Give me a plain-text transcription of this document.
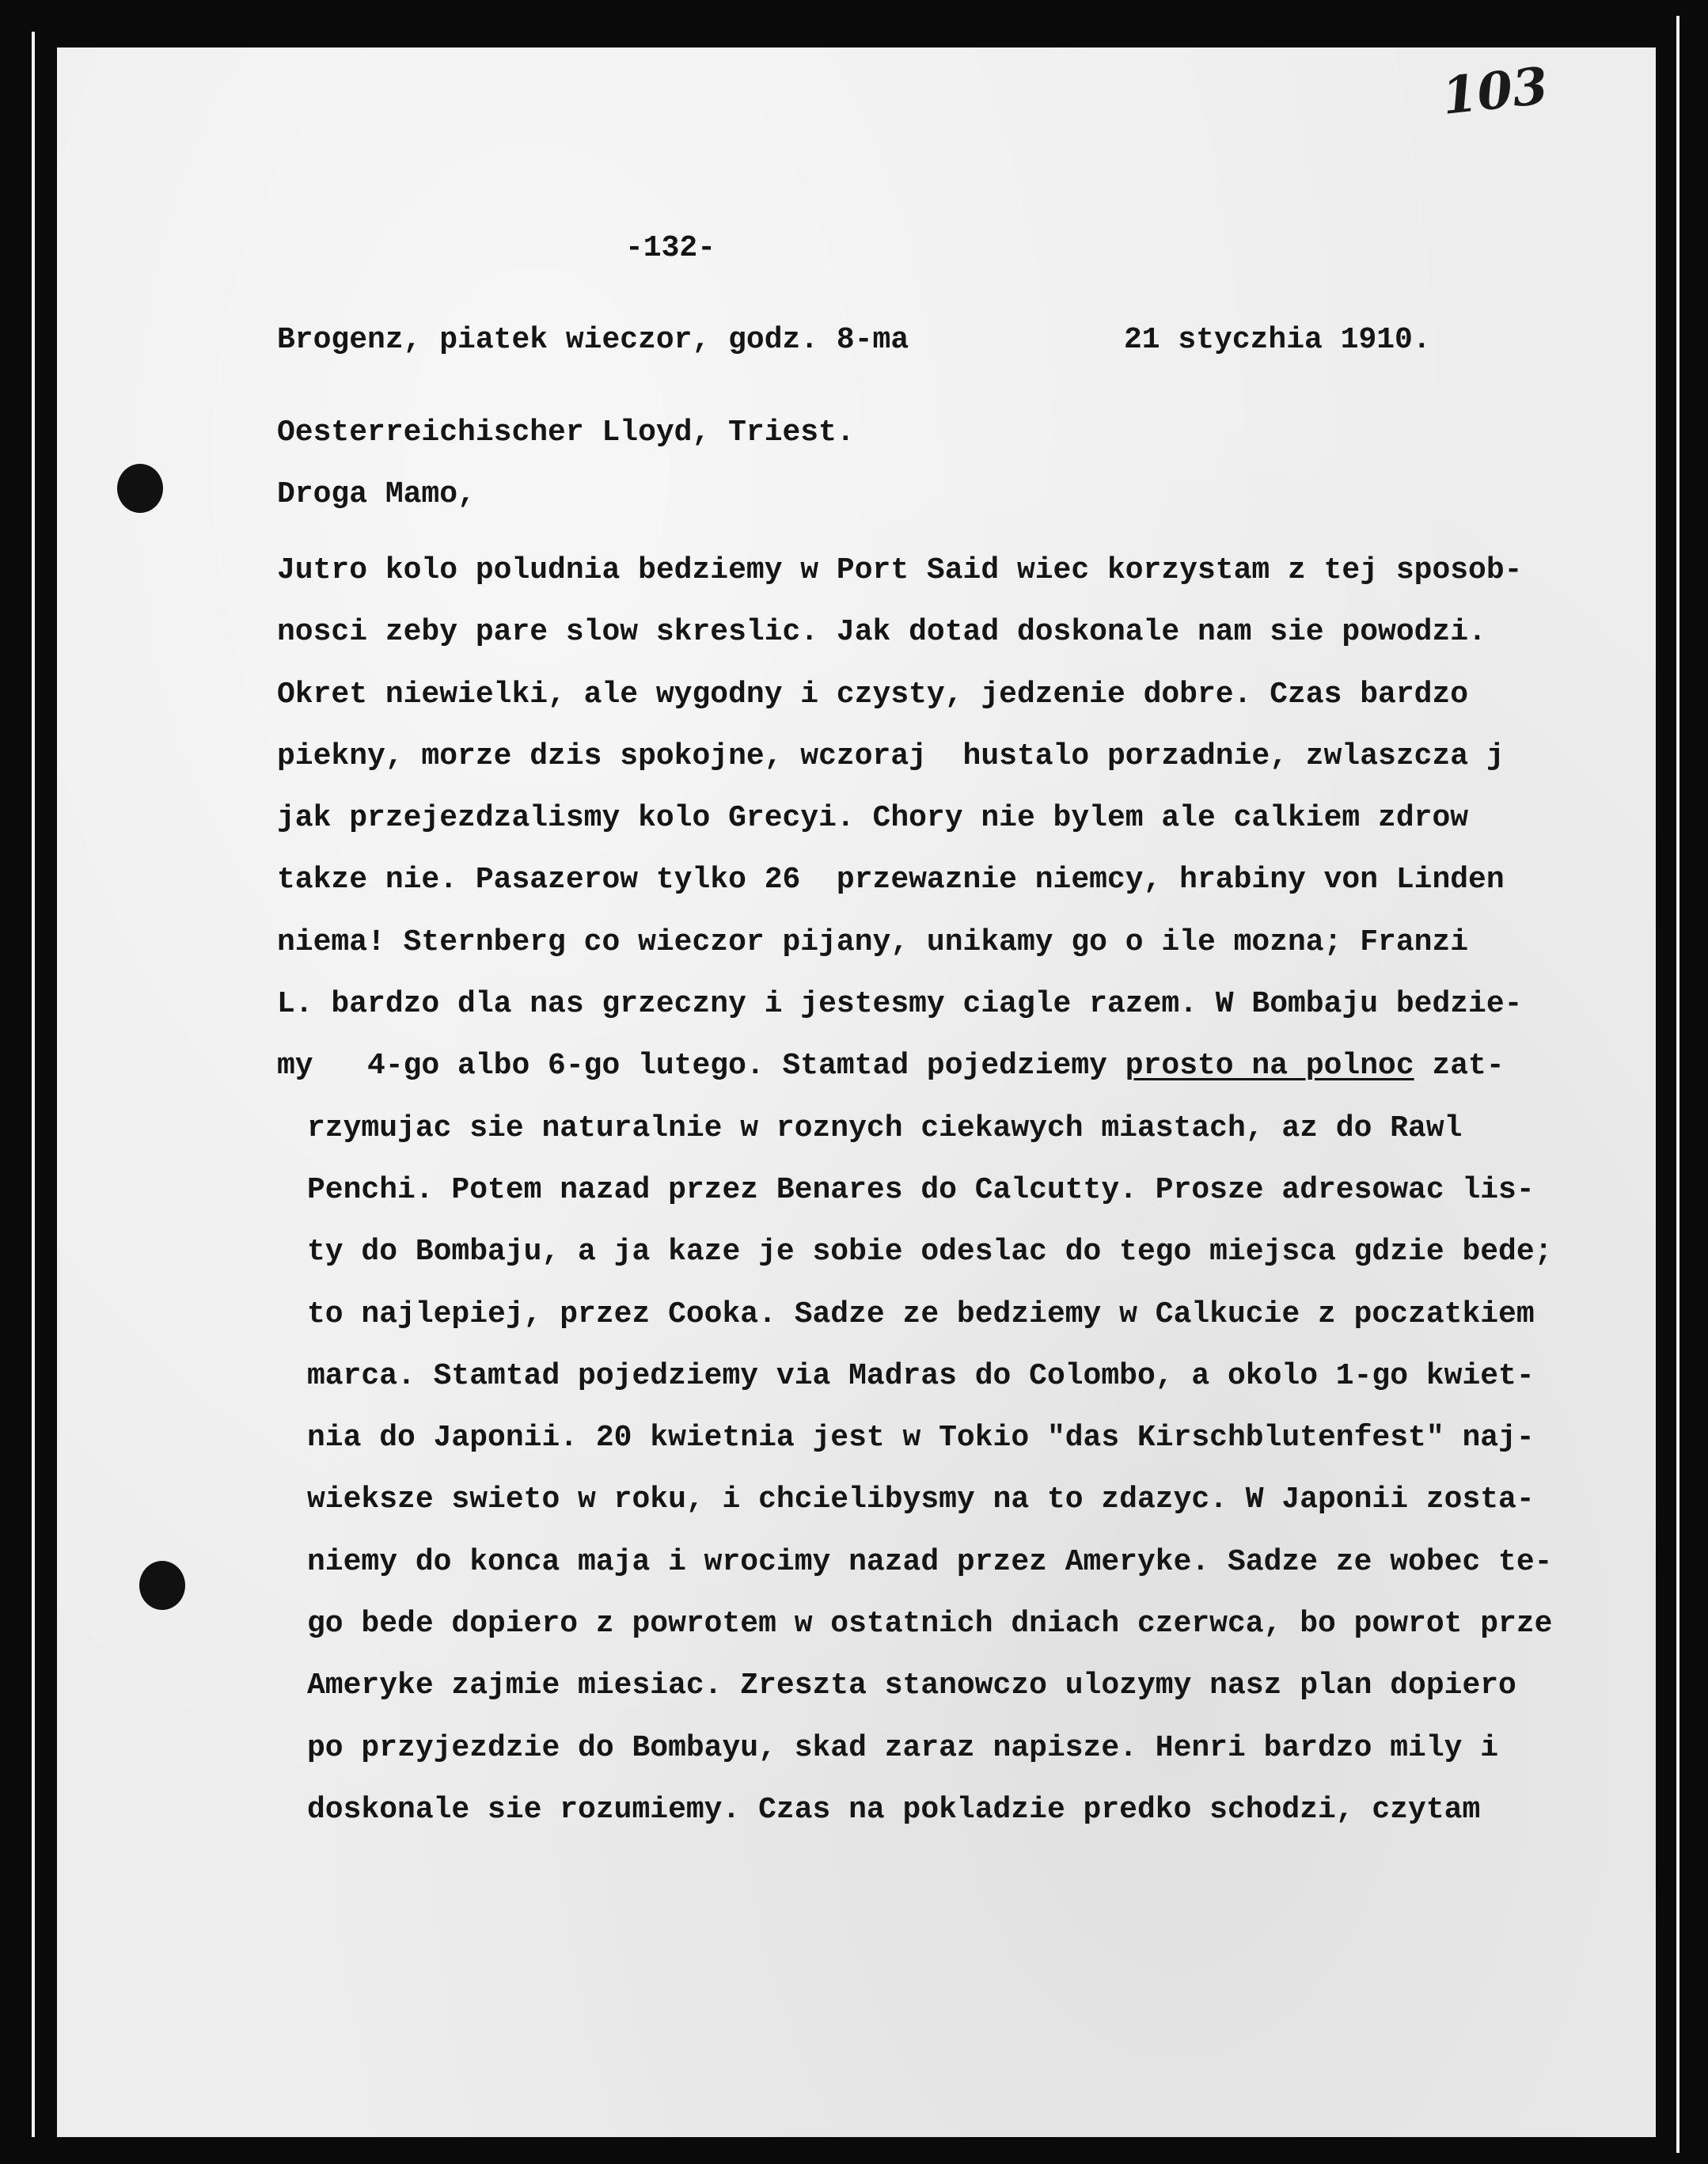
103
-132-
Brogenz, piatek wieczor, godz. 8-ma	21 styczhia 1910.
Oesterreichischer Lloyd, Triest.
Droga Mamo,
Jutro kolo poludnia bedziemy w Port Said wiec korzystam z tej sposob-
nosci zeby pare slow skreslic. Jak dotad doskonale nam sie powodzi.
Okret niewielki, ale wygodny i czysty, jedzenie dobre. Czas bardzo
piekny, morze dzis spokojne, wczoraj  hustalo porzadnie, zwlaszcza j
jak przejezdzalismy kolo Grecyi. Chory nie bylem ale calkiem zdrow
takze nie. Pasazerow tylko 26  przewaznie niemcy, hrabiny von Linden
niema! Sternberg co wieczor pijany, unikamy go o ile mozna; Franzi
L. bardzo dla nas grzeczny i jestesmy ciagle razem. W Bombaju bedzie-
my   4-go albo 6-go lutego. Stamtad pojedziemy prosto na polnoc zat-
rzymujac sie naturalnie w roznych ciekawych miastach, az do Rawl
Penchi. Potem nazad przez Benares do Calcutty. Prosze adresowac lis-
ty do Bombaju, a ja kaze je sobie odeslac do tego miejsca gdzie bede;
to najlepiej, przez Cooka. Sadze ze bedziemy w Calkucie z poczatkiem
marca. Stamtad pojedziemy via Madras do Colombo, a okolo 1-go kwiet-
nia do Japonii. 20 kwietnia jest w Tokio "das Kirschblutenfest" naj-
wieksze swieto w roku, i chcielibysmy na to zdazyc. W Japonii zosta-
niemy do konca maja i wrocimy nazad przez Ameryke. Sadze ze wobec te-
go bede dopiero z powrotem w ostatnich dniach czerwca, bo powrot prze
Ameryke zajmie miesiac. Zreszta stanowczo ulozymy nasz plan dopiero
po przyjezdzie do Bombayu, skad zaraz napisze. Henri bardzo mily i
doskonale sie rozumiemy. Czas na pokladzie predko schodzi, czytam
